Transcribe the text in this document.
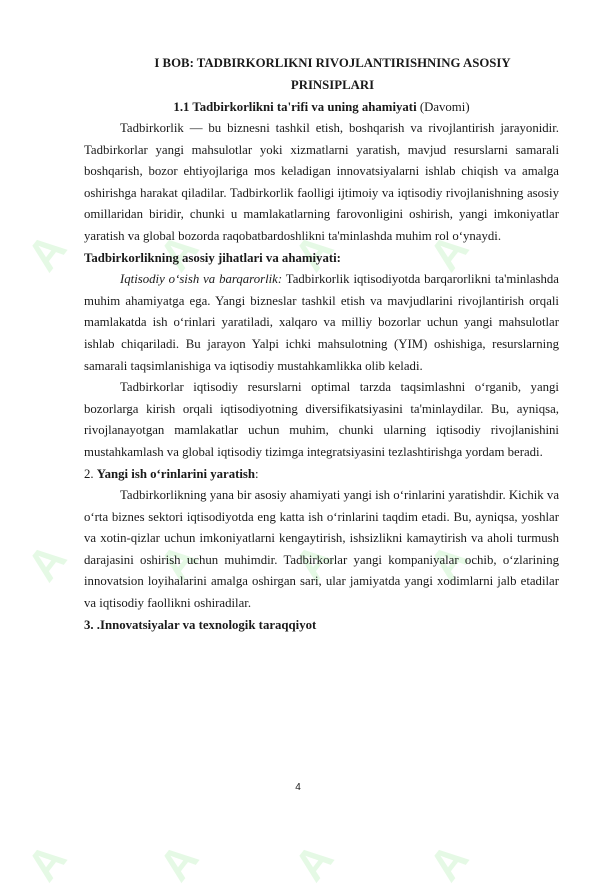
A
A
A
A
A
A
A
A
A
A
A
A
I BOB: TADBIRKORLIKNI RIVOJLANTIRISHNING ASOSIY PRINSIPLARI

1.1 Tadbirkorlikni ta'rifi va uning ahamiyati (Davomi)

Tadbirkorlik — bu biznesni tashkil etish, boshqarish va rivojlantirish jarayonidir. Tadbirkorlar yangi mahsulotlar yoki xizmatlarni yaratish, mavjud resurslarni samarali boshqarish, bozor ehtiyojlariga mos keladigan innovatsiyalarni ishlab chiqish va amalga oshirishga harakat qiladilar. Tadbirkorlik faolligi ijtimoiy va iqtisodiy rivojlanishning asosiy omillaridan biridir, chunki u mamlakatlarning farovonligini oshirish, yangi imkoniyatlar yaratish va global bozorda raqobatbardoshlikni ta'minlashda muhim rol oʻynaydi.

Tadbirkorlikning asosiy jihatlari va ahamiyati:

Iqtisodiy oʻsish va barqarorlik: Tadbirkorlik iqtisodiyotda barqarorlikni ta'minlashda muhim ahamiyatga ega. Yangi bizneslar tashkil etish va mavjudlarini rivojlantirish orqali mamlakatda ish oʻrinlari yaratiladi, xalqaro va milliy bozorlar uchun yangi mahsulotlar ishlab chiqariladi. Bu jarayon Yalpi ichki mahsulotning (YIM) oshishiga, resurslarning samarali taqsimlanishiga va iqtisodiy mustahkamlikka olib keladi.

Tadbirkorlar iqtisodiy resurslarni optimal tarzda taqsimlashni oʻrganib, yangi bozorlarga kirish orqali iqtisodiyotning diversifikatsiyasini ta'minlaydilar. Bu, ayniqsa, rivojlanayotgan mamlakatlar uchun muhim, chunki ularning iqtisodiy rivojlanishini mustahkamlash va global iqtisodiy tizimga integratsiyasini tezlashtirishga yordam beradi.

2. Yangi ish oʻrinlarini yaratish:

Tadbirkorlikning yana bir asosiy ahamiyati yangi ish oʻrinlarini yaratishdir. Kichik va oʻrta biznes sektori iqtisodiyotda eng katta ish oʻrinlarini taqdim etadi. Bu, ayniqsa, yoshlar va xotin-qizlar uchun imkoniyatlarni kengaytirish, ishsizlikni kamaytirish va aholi turmush darajasini oshirish uchun muhimdir. Tadbirkorlar yangi kompaniyalar ochib, oʻzlarining innovatsion loyihalarini amalga oshirgan sari, ular jamiyatda yangi xodimlarni jalb etadilar va iqtisodiy faollikni oshiradilar.

3. .Innovatsiyalar va texnologik taraqqiyot
4
